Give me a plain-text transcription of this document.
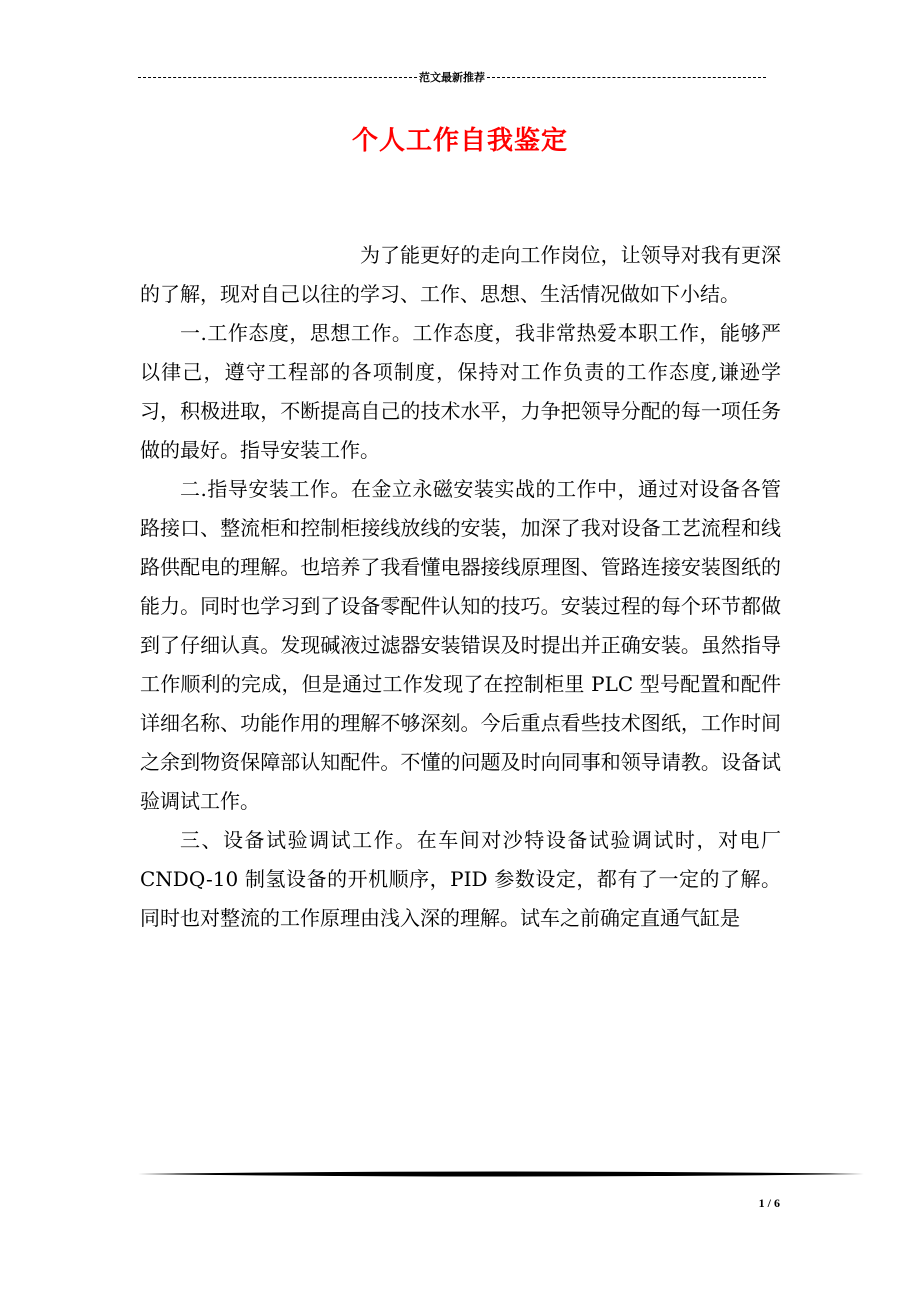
范文最新推荐
个人工作自我鉴定

为了能更好的走向工作岗位，让领导对我有更深的了解，现对自己以往的学习、工作、思想、生活情况做如下小结。

一.工作态度，思想工作。工作态度，我非常热爱本职工作，能够严以律己，遵守工程部的各项制度，保持对工作负责的工作态度,谦逊学习，积极进取，不断提高自己的技术水平，力争把领导分配的每一项任务做的最好。指导安装工作。

二.指导安装工作。在金立永磁安装实战的工作中，通过对设备各管路接口、整流柜和控制柜接线放线的安装，加深了我对设备工艺流程和线路供配电的理解。也培养了我看懂电器接线原理图、管路连接安装图纸的能力。同时也学习到了设备零配件认知的技巧。安装过程的每个环节都做到了仔细认真。发现碱液过滤器安装错误及时提出并正确安装。虽然指导工作顺利的完成，但是通过工作发现了在控制柜里 PLC 型号配置和配件详细名称、功能作用的理解不够深刻。今后重点看些技术图纸，工作时间之余到物资保障部认知配件。不懂的问题及时向同事和领导请教。设备试验调试工作。

三、设备试验调试工作。在车间对沙特设备试验调试时，对电厂 CNDQ-10 制氢设备的开机顺序，PID 参数设定，都有了一定的了解。同时也对整流的工作原理由浅入深的理解。试车之前确定直通气缸是

1 / 6
